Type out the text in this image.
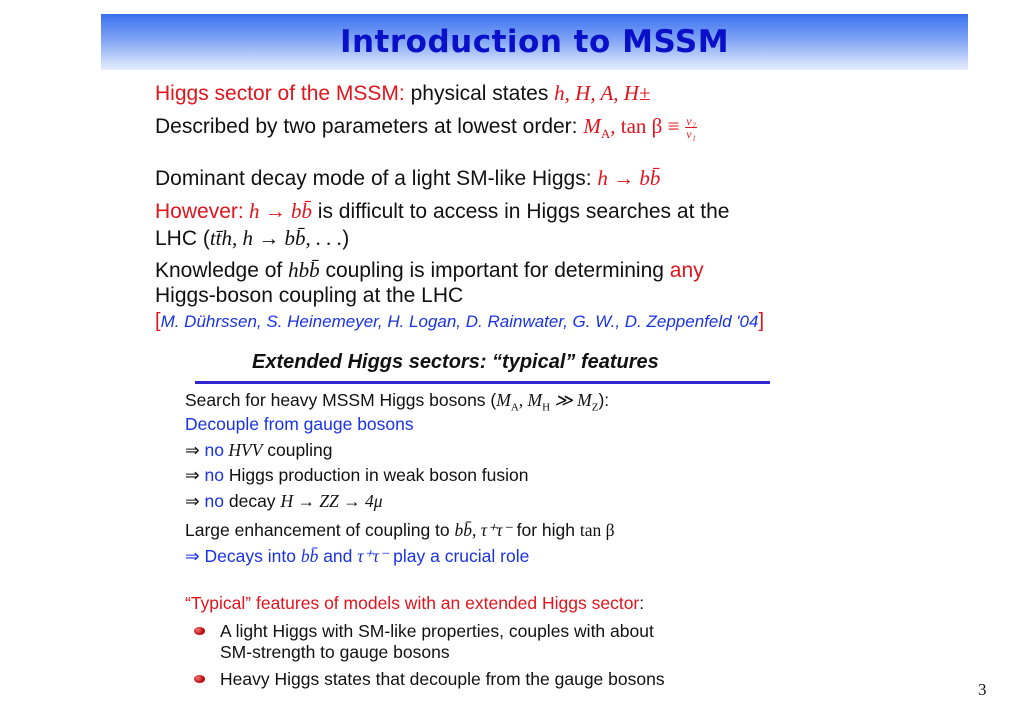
Introduction to MSSM
Higgs sector of the MSSM: physical states h, H, A, H±
Described by two parameters at lowest order: $M_A$, $\tan \beta \equiv \frac{\text{v₂}}{\text{v₁}}$
Dominant decay mode of a light SM-like Higgs: h → bb̄
However: h → bb̄ is difficult to access in Higgs searches at the
LHC (tt̄h, h → bb̄, . . .)
Knowledge of hbb̄ coupling is important for determining any
Higgs-boson coupling at the LHC
[M. Dührssen, S. Heinemeyer, H. Logan, D. Rainwater, G. W., D. Zeppenfeld '04]
Extended Higgs sectors: “typical” features
Search for heavy MSSM Higgs bosons ($M_A$, $M_H$ ≫ $M_Z$):
Decouple from gauge bosons
⇒ no HVV coupling
⇒ no Higgs production in weak boson fusion
⇒ no decay H → ZZ → 4μ
Large enhancement of coupling to bb̄, τ⁺τ⁻ for high tan β
⇒ Decays into bb̄ and τ⁺τ⁻ play a crucial role
“Typical” features of models with an extended Higgs sector:
A light Higgs with SM-like properties, couples with about
SM-strength to gauge bosons
Heavy Higgs states that decouple from the gauge bosons
3
